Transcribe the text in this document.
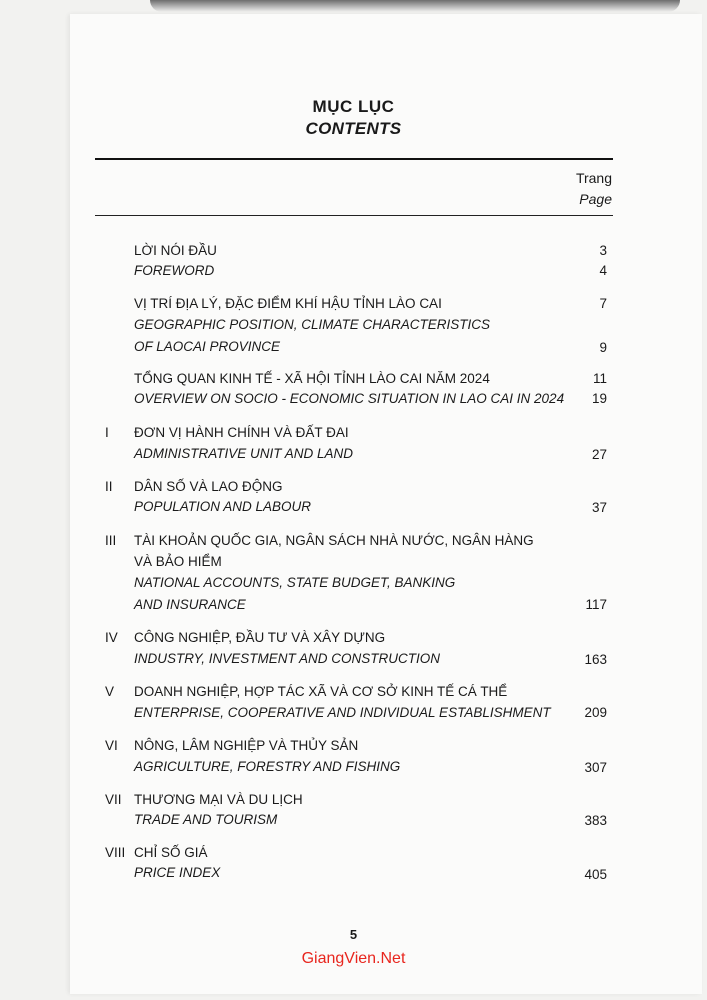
MỤC LỤC
CONTENTS
Trang
Page
LỜI NÓI ĐẦU	3
FOREWORD	4
VỊ TRÍ ĐỊA LÝ, ĐẶC ĐIỂM KHÍ HẬU TỈNH LÀO CAI	7
GEOGRAPHIC POSITION, CLIMATE CHARACTERISTICS
OF LAOCAI PROVINCE	9
TỔNG QUAN KINH TẾ - XÃ HỘI TỈNH LÀO CAI NĂM 2024	11
OVERVIEW ON SOCIO - ECONOMIC SITUATION IN LAO CAI IN 2024 19
I ĐƠN VỊ HÀNH CHÍNH VÀ ĐẤT ĐAI
ADMINISTRATIVE UNIT AND LAND	27
II DÂN SỐ VÀ LAO ĐỘNG
POPULATION AND LABOUR	37
III TÀI KHOẢN QUỐC GIA, NGÂN SÁCH NHÀ NƯỚC, NGÂN HÀNG
VÀ BẢO HIỂM
NATIONAL ACCOUNTS, STATE BUDGET, BANKING
AND INSURANCE	117
IV CÔNG NGHIỆP, ĐẦU TƯ VÀ XÂY DỰNG
INDUSTRY, INVESTMENT AND CONSTRUCTION	163
V DOANH NGHIỆP, HỢP TÁC XÃ VÀ CƠ SỞ KINH TẾ CÁ THỂ
ENTERPRISE, COOPERATIVE AND INDIVIDUAL ESTABLISHMENT	209
VI NÔNG, LÂM NGHIỆP VÀ THỦY SẢN
AGRICULTURE, FORESTRY AND FISHING	307
VII THƯƠNG MẠI VÀ DU LỊCH
TRADE AND TOURISM	383
VIII CHỈ SỐ GIÁ
PRICE INDEX	405
5
GiangVien.Net
